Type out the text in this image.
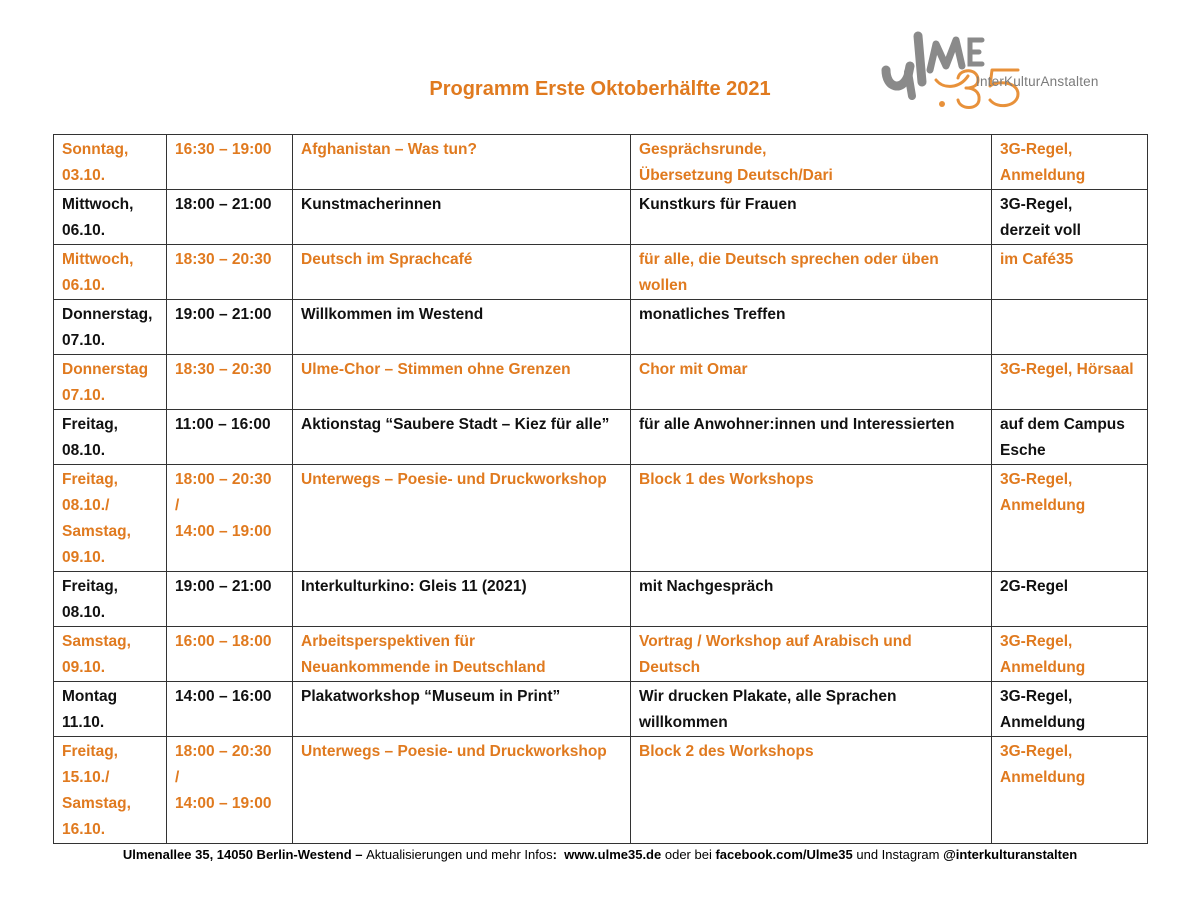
InterKulturAnstalten
Programm Erste Oktoberhälfte 2021
Sonntag,
03.10.	16:30 – 19:00	Afghanistan – Was tun?	Gesprächsrunde,
Übersetzung Deutsch/Dari	3G-Regel,
Anmeldung

Mittwoch,
06.10.	18:00 – 21:00	Kunstmacherinnen	Kunstkurs für Frauen	3G-Regel,
derzeit voll

Mittwoch,
06.10.	18:30 – 20:30	Deutsch im Sprachcafé	für alle, die Deutsch sprechen oder üben
wollen	im Café35

Donnerstag,
07.10.	19:00 – 21:00	Willkommen im Westend	monatliches Treffen	

Donnerstag
07.10.	18:30 – 20:30	Ulme-Chor – Stimmen ohne Grenzen	Chor mit Omar	3G-Regel, Hörsaal

Freitag,
08.10.	11:00 – 16:00	Aktionstag “Saubere Stadt – Kiez für alle”	für alle Anwohner:innen und Interessierten	auf dem Campus
Esche

Freitag,
08.10./
Samstag,
09.10.	18:00 – 20:30
/
14:00 – 19:00	Unterwegs – Poesie- und Druckworkshop	Block 1 des Workshops	3G-Regel,
Anmeldung

Freitag,
08.10.	19:00 – 21:00	Interkulturkino: Gleis 11 (2021)	mit Nachgespräch	2G-Regel

Samstag,
09.10.	16:00 – 18:00	Arbeitsperspektiven für
Neuankommende in Deutschland	Vortrag / Workshop auf Arabisch und
Deutsch	3G-Regel,
Anmeldung

Montag
11.10.	14:00 – 16:00	Plakatworkshop “Museum in Print”	Wir drucken Plakate, alle Sprachen
willkommen	3G-Regel,
Anmeldung

Freitag,
15.10./
Samstag,
16.10.	18:00 – 20:30
/
14:00 – 19:00	Unterwegs – Poesie- und Druckworkshop	Block 2 des Workshops	3G-Regel,
Anmeldung
Ulmenallee 35, 14050 Berlin-Westend – Aktualisierungen und mehr Infos: www.ulme35.de oder bei facebook.com/Ulme35 und Instagram @interkulturanstalten
